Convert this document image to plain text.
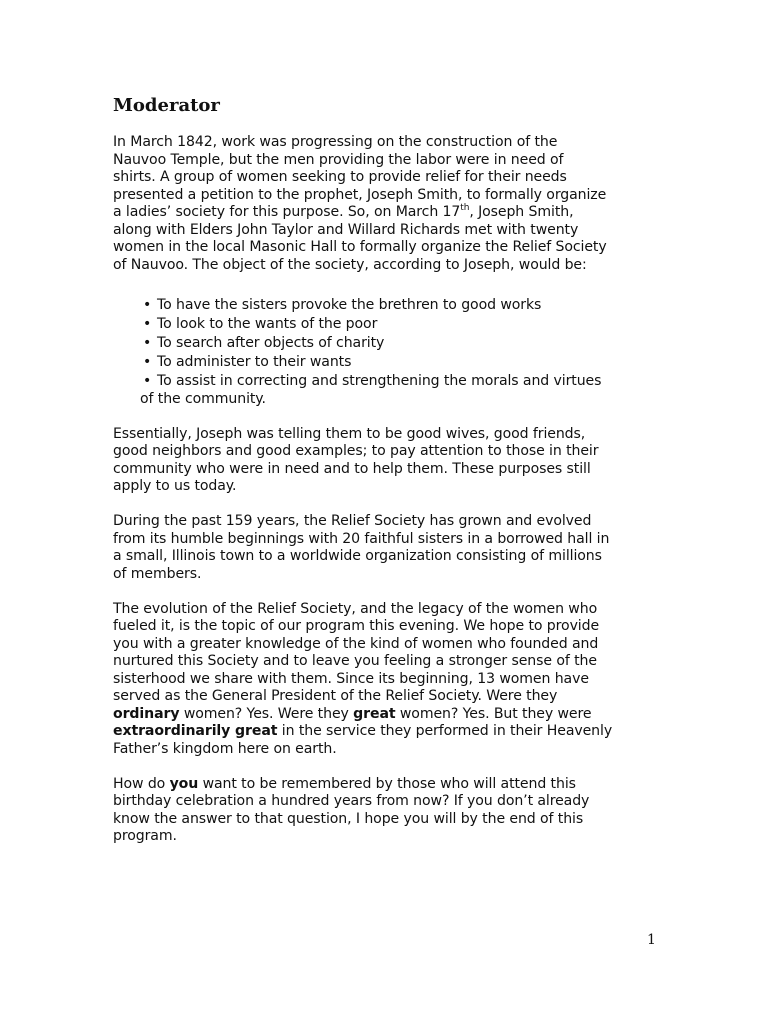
Moderator

In March 1842, work was progressing on the construction of the
Nauvoo Temple, but the men providing the labor were in need of
shirts. A group of women seeking to provide relief for their needs
presented a petition to the prophet, Joseph Smith, to formally organize
a ladies’ society for this purpose. So, on March 17th, Joseph Smith,
along with Elders John Taylor and Willard Richards met with twenty
women in the local Masonic Hall to formally organize the Relief Society
of Nauvoo. The object of the society, according to Joseph, would be:

• To have the sisters provoke the brethren to good works
• To look to the wants of the poor
• To search after objects of charity
• To administer to their wants
• To assist in correcting and strengthening the morals and virtues
of the community.

Essentially, Joseph was telling them to be good wives, good friends,
good neighbors and good examples; to pay attention to those in their
community who were in need and to help them. These purposes still
apply to us today.

During the past 159 years, the Relief Society has grown and evolved
from its humble beginnings with 20 faithful sisters in a borrowed hall in
a small, Illinois town to a worldwide organization consisting of millions
of members.

The evolution of the Relief Society, and the legacy of the women who
fueled it, is the topic of our program this evening. We hope to provide
you with a greater knowledge of the kind of women who founded and
nurtured this Society and to leave you feeling a stronger sense of the
sisterhood we share with them. Since its beginning, 13 women have
served as the General President of the Relief Society. Were they
ordinary women? Yes. Were they great women? Yes. But they were
extraordinarily great in the service they performed in their Heavenly
Father’s kingdom here on earth.

How do you want to be remembered by those who will attend this
birthday celebration a hundred years from now? If you don’t already
know the answer to that question, I hope you will by the end of this
program.

1
